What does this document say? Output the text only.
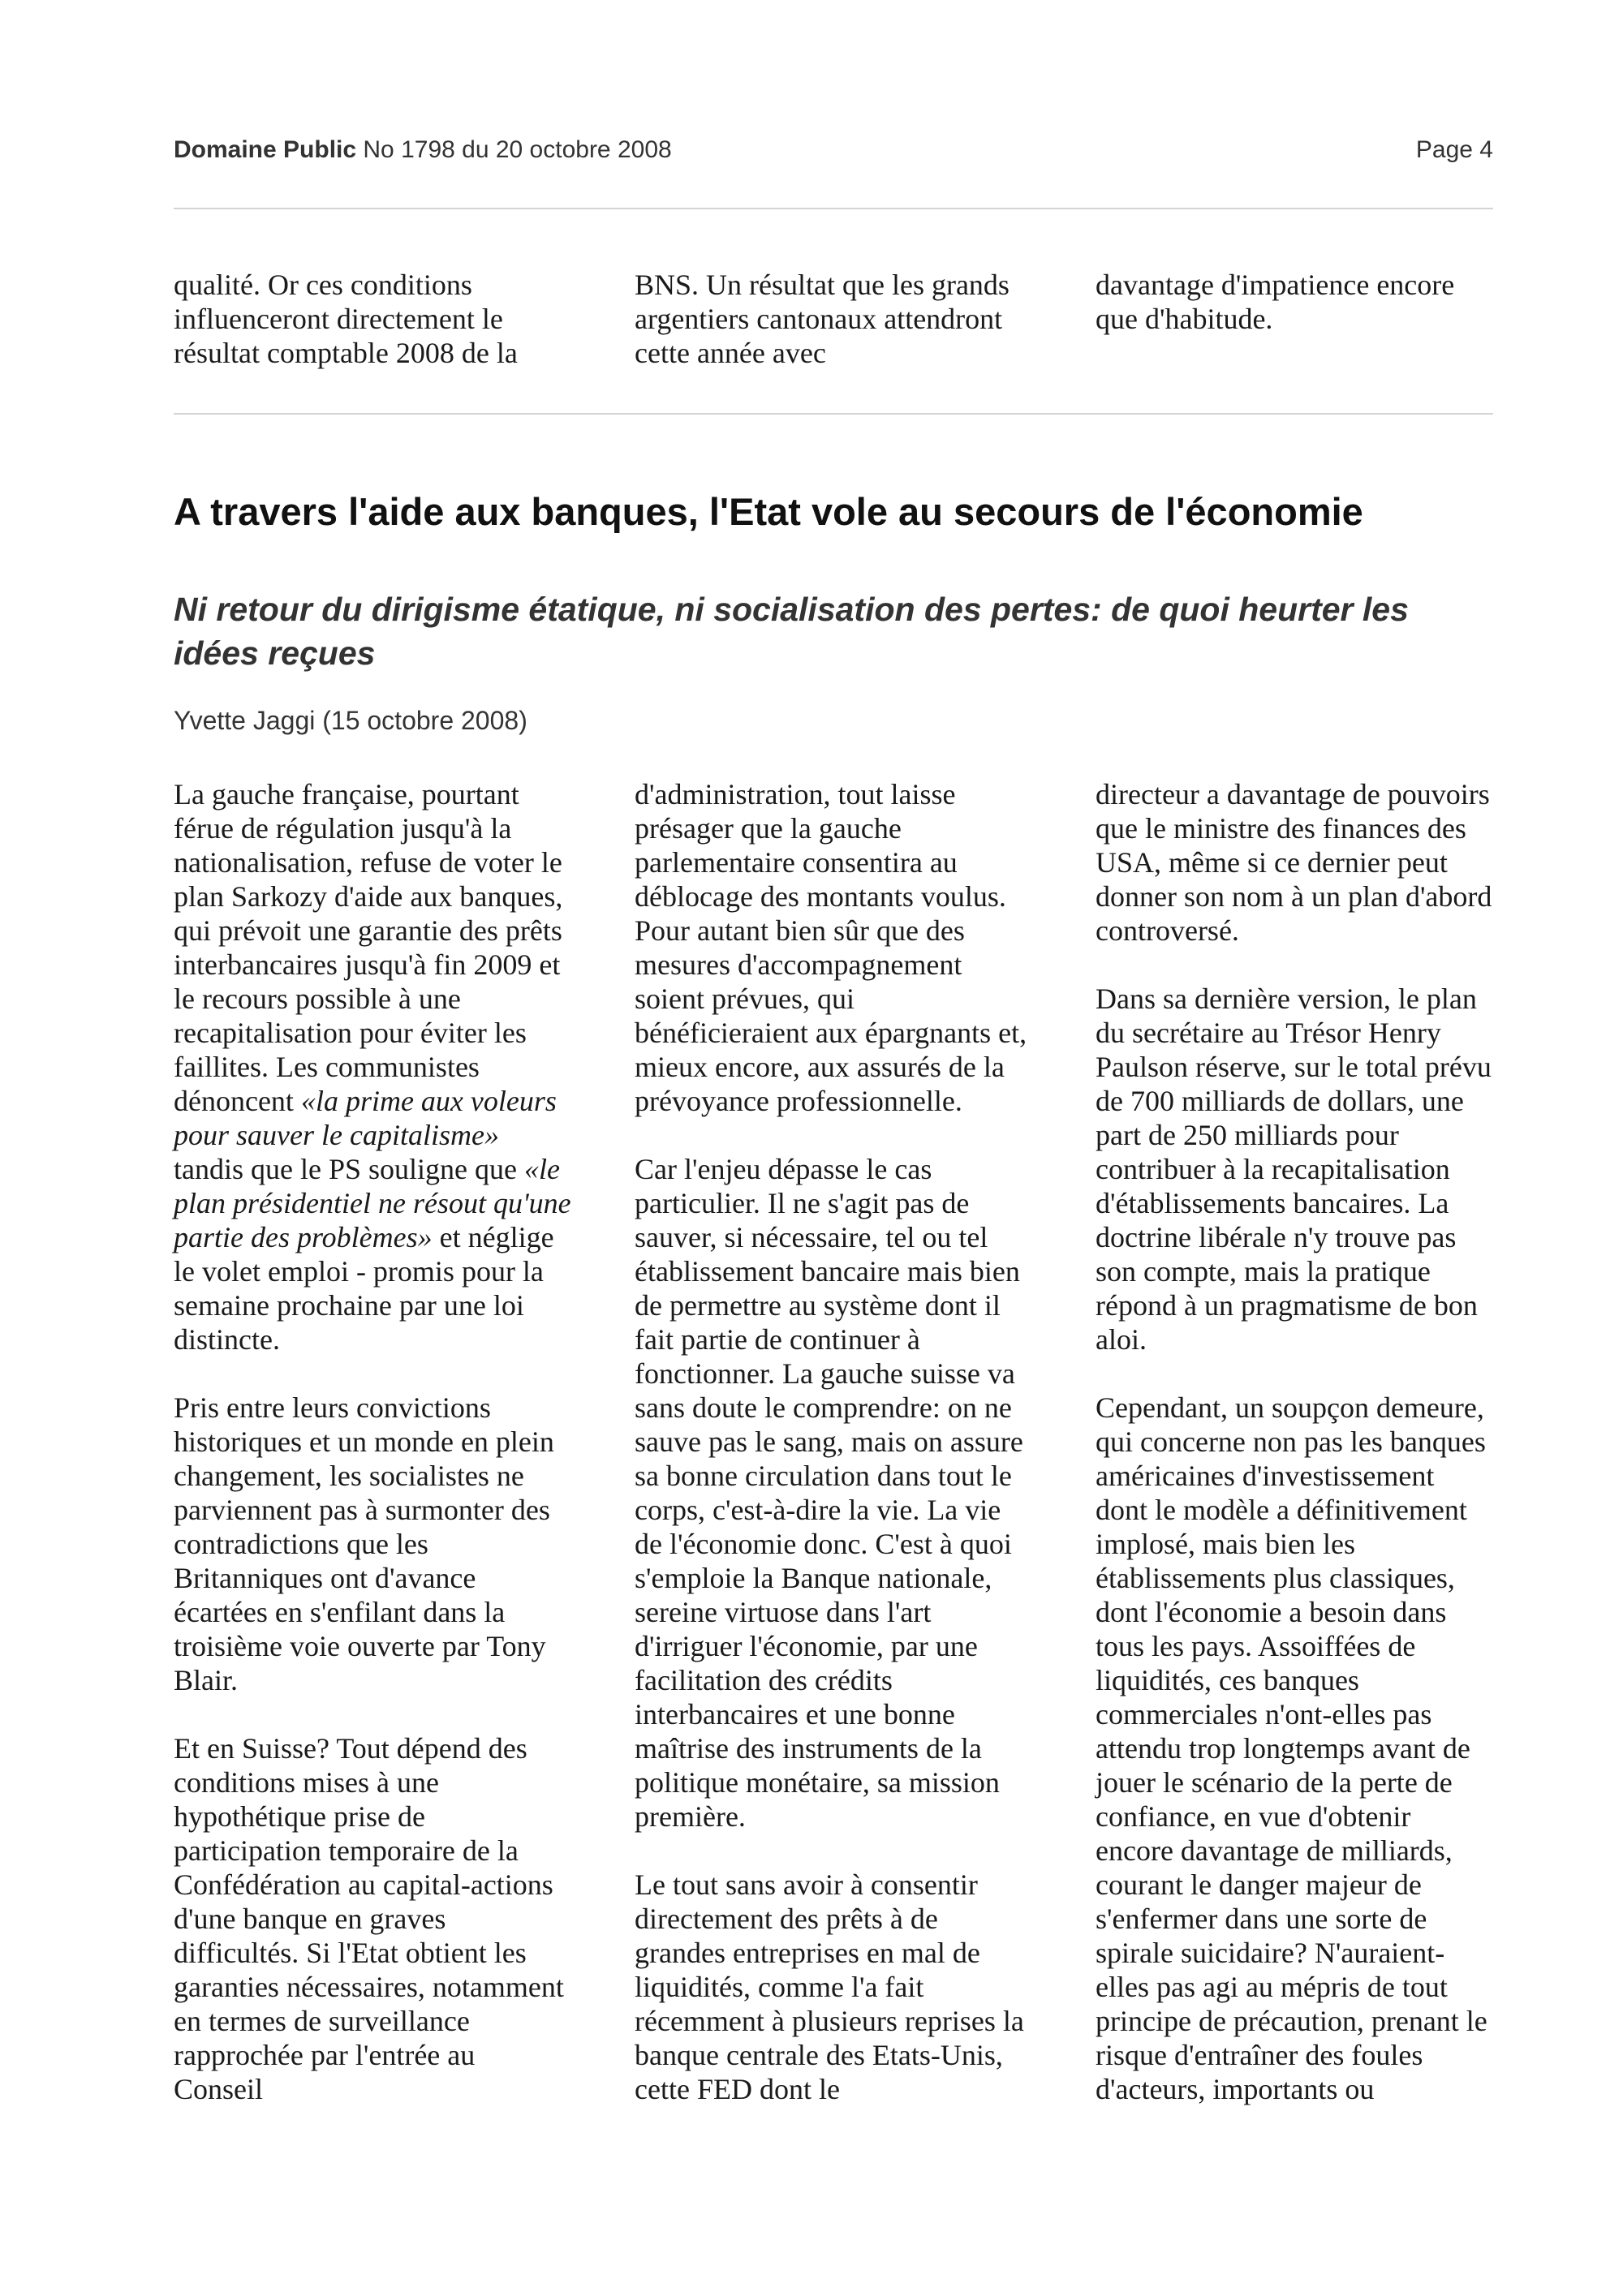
Domaine Public No 1798 du 20 octobre 2008	Page 4

qualité. Or ces conditions influenceront directement le résultat comptable 2008 de la

BNS. Un résultat que les grands argentiers cantonaux attendront cette année avec

davantage d'impatience encore que d'habitude.

A travers l'aide aux banques, l'Etat vole au secours de l'économie
Ni retour du dirigisme étatique, ni socialisation des pertes: de quoi heurter les idées reçues
Yvette Jaggi (15 octobre 2008)

La gauche française, pourtant férue de régulation jusqu'à la nationalisation, refuse de voter le plan Sarkozy d'aide aux banques, qui prévoit une garantie des prêts interbancaires jusqu'à fin 2009 et le recours possible à une recapitalisation pour éviter les faillites. Les communistes dénoncent «la prime aux voleurs pour sauver le capitalisme» tandis que le PS souligne que «le plan présidentiel ne résout qu'une partie des problèmes» et néglige le volet emploi - promis pour la semaine prochaine par une loi distincte.

Pris entre leurs convictions historiques et un monde en plein changement, les socialistes ne parviennent pas à surmonter des contradictions que les Britanniques ont d'avance écartées en s'enfilant dans la troisième voie ouverte par Tony Blair.

Et en Suisse? Tout dépend des conditions mises à une hypothétique prise de participation temporaire de la Confédération au capital-actions d'une banque en graves difficultés. Si l'Etat obtient les garanties nécessaires, notamment en termes de surveillance rapprochée par l'entrée au Conseil

d'administration, tout laisse présager que la gauche parlementaire consentira au déblocage des montants voulus. Pour autant bien sûr que des mesures d'accompagnement soient prévues, qui bénéficieraient aux épargnants et, mieux encore, aux assurés de la prévoyance professionnelle.

Car l'enjeu dépasse le cas particulier. Il ne s'agit pas de sauver, si nécessaire, tel ou tel établissement bancaire mais bien de permettre au système dont il fait partie de continuer à fonctionner. La gauche suisse va sans doute le comprendre: on ne sauve pas le sang, mais on assure sa bonne circulation dans tout le corps, c'est-à-dire la vie. La vie de l'économie donc. C'est à quoi s'emploie la Banque nationale, sereine virtuose dans l'art d'irriguer l'économie, par une facilitation des crédits interbancaires et une bonne maîtrise des instruments de la politique monétaire, sa mission première.

Le tout sans avoir à consentir directement des prêts à de grandes entreprises en mal de liquidités, comme l'a fait récemment à plusieurs reprises la banque centrale des Etats-Unis, cette FED dont le

directeur a davantage de pouvoirs que le ministre des finances des USA, même si ce dernier peut donner son nom à un plan d'abord controversé.

Dans sa dernière version, le plan du secrétaire au Trésor Henry Paulson réserve, sur le total prévu de 700 milliards de dollars, une part de 250 milliards pour contribuer à la recapitalisation d'établissements bancaires. La doctrine libérale n'y trouve pas son compte, mais la pratique répond à un pragmatisme de bon aloi.

Cependant, un soupçon demeure, qui concerne non pas les banques américaines d'investissement dont le modèle a définitivement implosé, mais bien les établissements plus classiques, dont l'économie a besoin dans tous les pays. Assoiffées de liquidités, ces banques commerciales n'ont-elles pas attendu trop longtemps avant de jouer le scénario de la perte de confiance, en vue d'obtenir encore davantage de milliards, courant le danger majeur de s'enfermer dans une sorte de spirale suicidaire? N'auraient-elles pas agi au mépris de tout principe de précaution, prenant le risque d'entraîner des foules d'acteurs, importants ou
